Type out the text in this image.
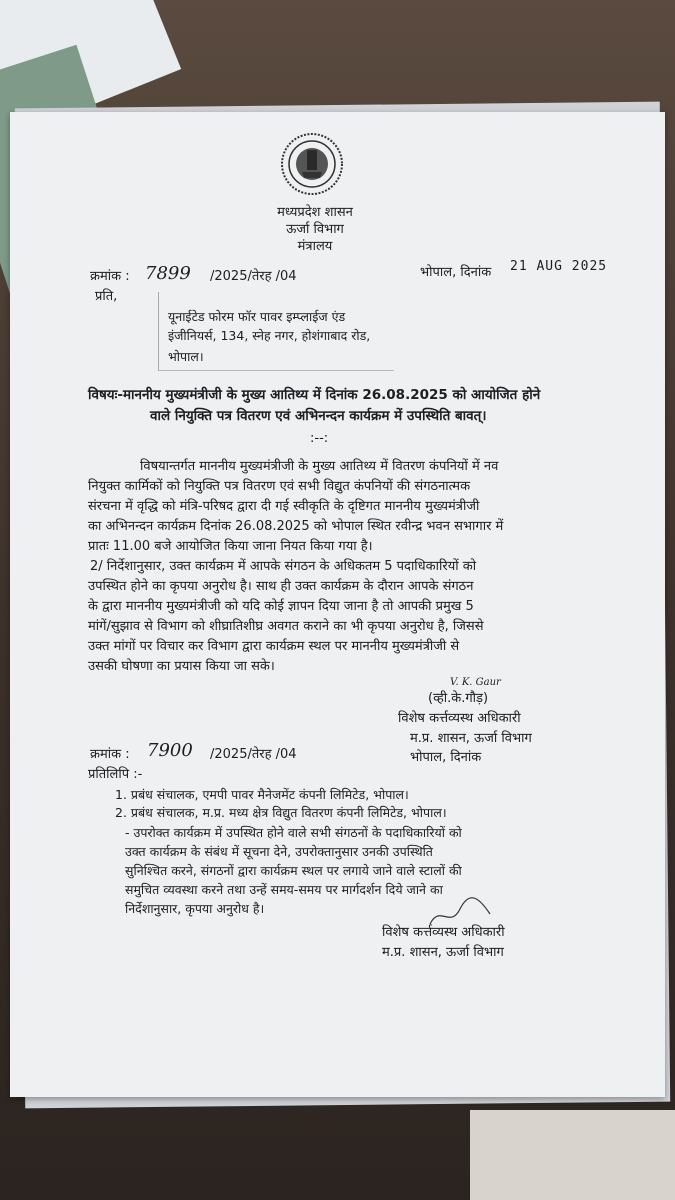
मध्यप्रदेश शासन
ऊर्जा विभाग
मंत्रालय
क्रमांक : 7899 /2025/तेरह /04	भोपाल, दिनांक 21 AUG 2025
प्रति,
यूनाईटेड फोरम फॉर पावर इम्प्लाईज एंड
इंजीनियर्स, 134, स्नेह नगर, होशंगाबाद रोड,
भोपाल।
विषयः-माननीय मुख्यमंत्रीजी के मुख्य आतिथ्य में दिनांक 26.08.2025 को आयोजित होने
वाले नियुक्ति पत्र वितरण एवं अभिनन्दन कार्यक्रम में उपस्थिति बावत्।
:--:
विषयान्तर्गत माननीय मुख्यमंत्रीजी के मुख्य आतिथ्य में वितरण कंपनियों में नव
नियुक्त कार्मिकों को नियुक्ति पत्र वितरण एवं सभी विद्युत कंपनियों की संगठनात्मक
संरचना में वृद्धि को मंत्रि-परिषद द्वारा दी गई स्वीकृति के दृष्टिगत माननीय मुख्यमंत्रीजी
का अभिनन्दन कार्यक्रम दिनांक 26.08.2025 को भोपाल स्थित रवीन्द्र भवन सभागार में
प्रातः 11.00 बजे आयोजित किया जाना नियत किया गया है।
2/ निर्देशानुसार, उक्त कार्यक्रम में आपके संगठन के अधिकतम 5 पदाधिकारियों को
उपस्थित होने का कृपया अनुरोध है। साथ ही उक्त कार्यक्रम के दौरान आपके संगठन
के द्वारा माननीय मुख्यमंत्रीजी को यदि कोई ज्ञापन दिया जाना है तो आपकी प्रमुख 5
मांगें/सुझाव से विभाग को शीघ्रातिशीघ्र अवगत कराने का भी कृपया अनुरोध है, जिससे
उक्त मांगों पर विचार कर विभाग द्वारा कार्यक्रम स्थल पर माननीय मुख्यमंत्रीजी से
उसकी घोषणा का प्रयास किया जा सके।
V. K. Gaur
(व्ही.के.गौड़)
विशेष कर्त्तव्यस्थ अधिकारी
म.प्र. शासन, ऊर्जा विभाग
भोपाल, दिनांक
क्रमांक : 7900 /2025/तेरह /04
प्रतिलिपि :-
1. प्रबंध संचालक, एमपी पावर मैनेजमेंट कंपनी लिमिटेड, भोपाल।
2. प्रबंध संचालक, म.प्र. मध्य क्षेत्र विद्युत वितरण कंपनी लिमिटेड, भोपाल।
- उपरोक्त कार्यक्रम में उपस्थित होने वाले सभी संगठनों के पदाधिकारियों को
उक्त कार्यक्रम के संबंध में सूचना देने, उपरोक्तानुसार उनकी उपस्थिति
सुनिश्चित करने, संगठनों द्वारा कार्यक्रम स्थल पर लगाये जाने वाले स्टालों की
समुचित व्यवस्था करने तथा उन्हें समय-समय पर मार्गदर्शन दिये जाने का
निर्देशानुसार, कृपया अनुरोध है।
विशेष कर्त्तव्यस्थ अधिकारी
म.प्र. शासन, ऊर्जा विभाग
